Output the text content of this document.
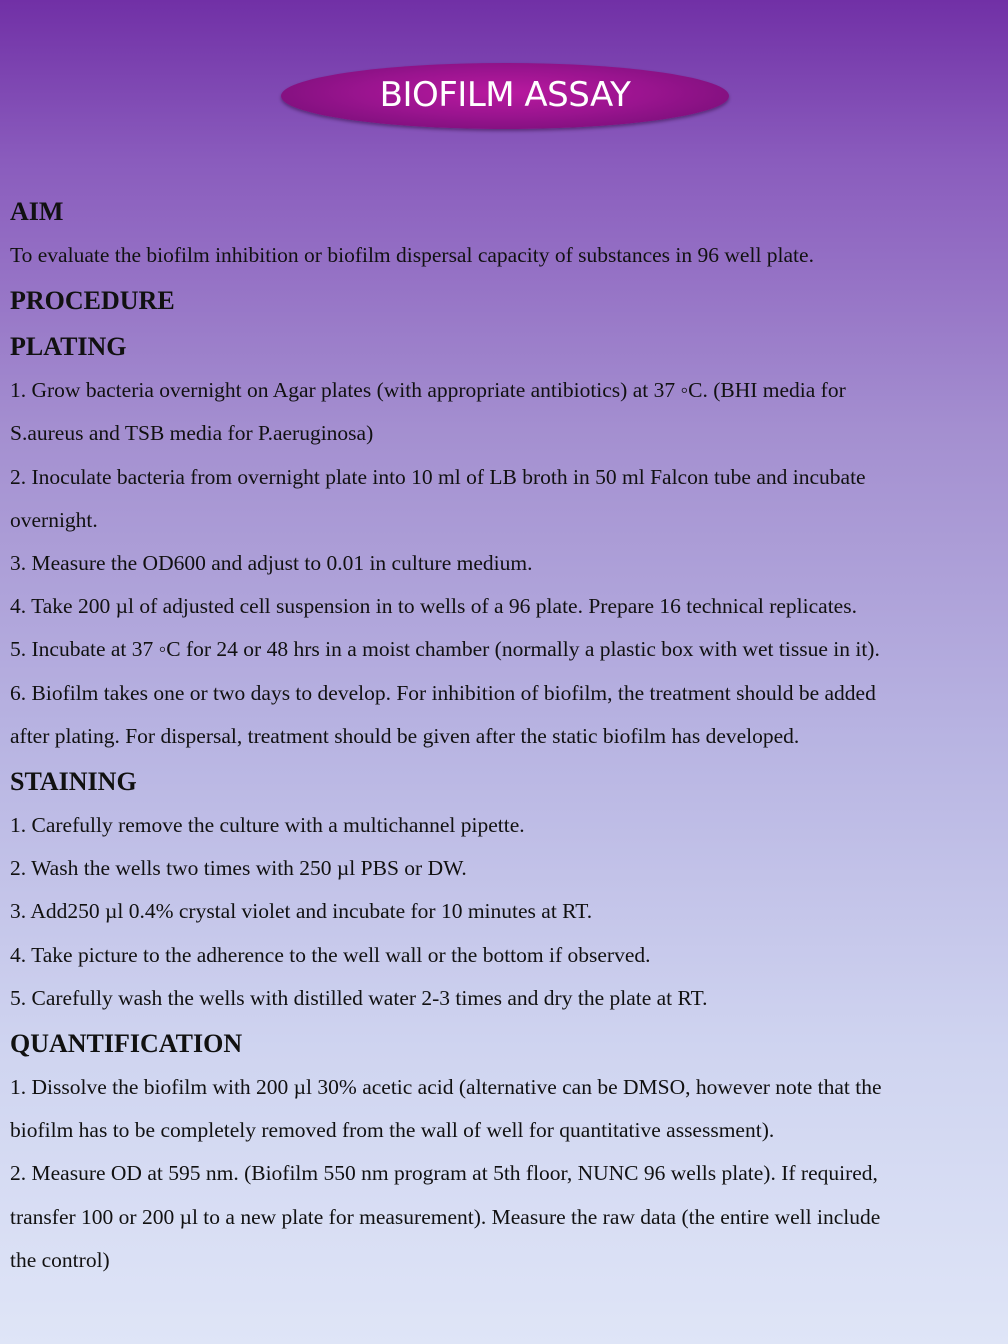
BIOFILM ASSAY
AIM

To evaluate the biofilm inhibition or biofilm dispersal capacity of substances in 96 well plate.

PROCEDURE
PLATING

1. Grow bacteria overnight on Agar plates (with appropriate antibiotics) at 37 ◦C. (BHI media for

S.aureus and TSB media for P.aeruginosa)

2. Inoculate bacteria from overnight plate into 10 ml of LB broth in 50 ml Falcon tube and incubate

overnight.

3. Measure the OD600 and adjust to 0.01 in culture medium.

4. Take 200 µl of adjusted cell suspension in to wells of a 96 plate. Prepare 16 technical replicates.

5. Incubate at 37 ◦C for 24 or 48 hrs in a moist chamber (normally a plastic box with wet tissue in it).

6. Biofilm takes one or two days to develop. For inhibition of biofilm, the treatment should be added

after plating. For dispersal, treatment should be given after the static biofilm has developed.

STAINING

1. Carefully remove the culture with a multichannel pipette.

2. Wash the wells two times with 250 µl PBS or DW.

3. Add250 µl 0.4% crystal violet and incubate for 10 minutes at RT.

4. Take picture to the adherence to the well wall or the bottom if observed.

5. Carefully wash the wells with distilled water 2-3 times and dry the plate at RT.

QUANTIFICATION

1. Dissolve the biofilm with 200 µl 30% acetic acid (alternative can be DMSO, however note that the

biofilm has to be completely removed from the wall of well for quantitative assessment).

2. Measure OD at 595 nm. (Biofilm 550 nm program at 5th floor, NUNC 96 wells plate). If required,

transfer 100 or 200 µl to a new plate for measurement). Measure the raw data (the entire well include

the control)
